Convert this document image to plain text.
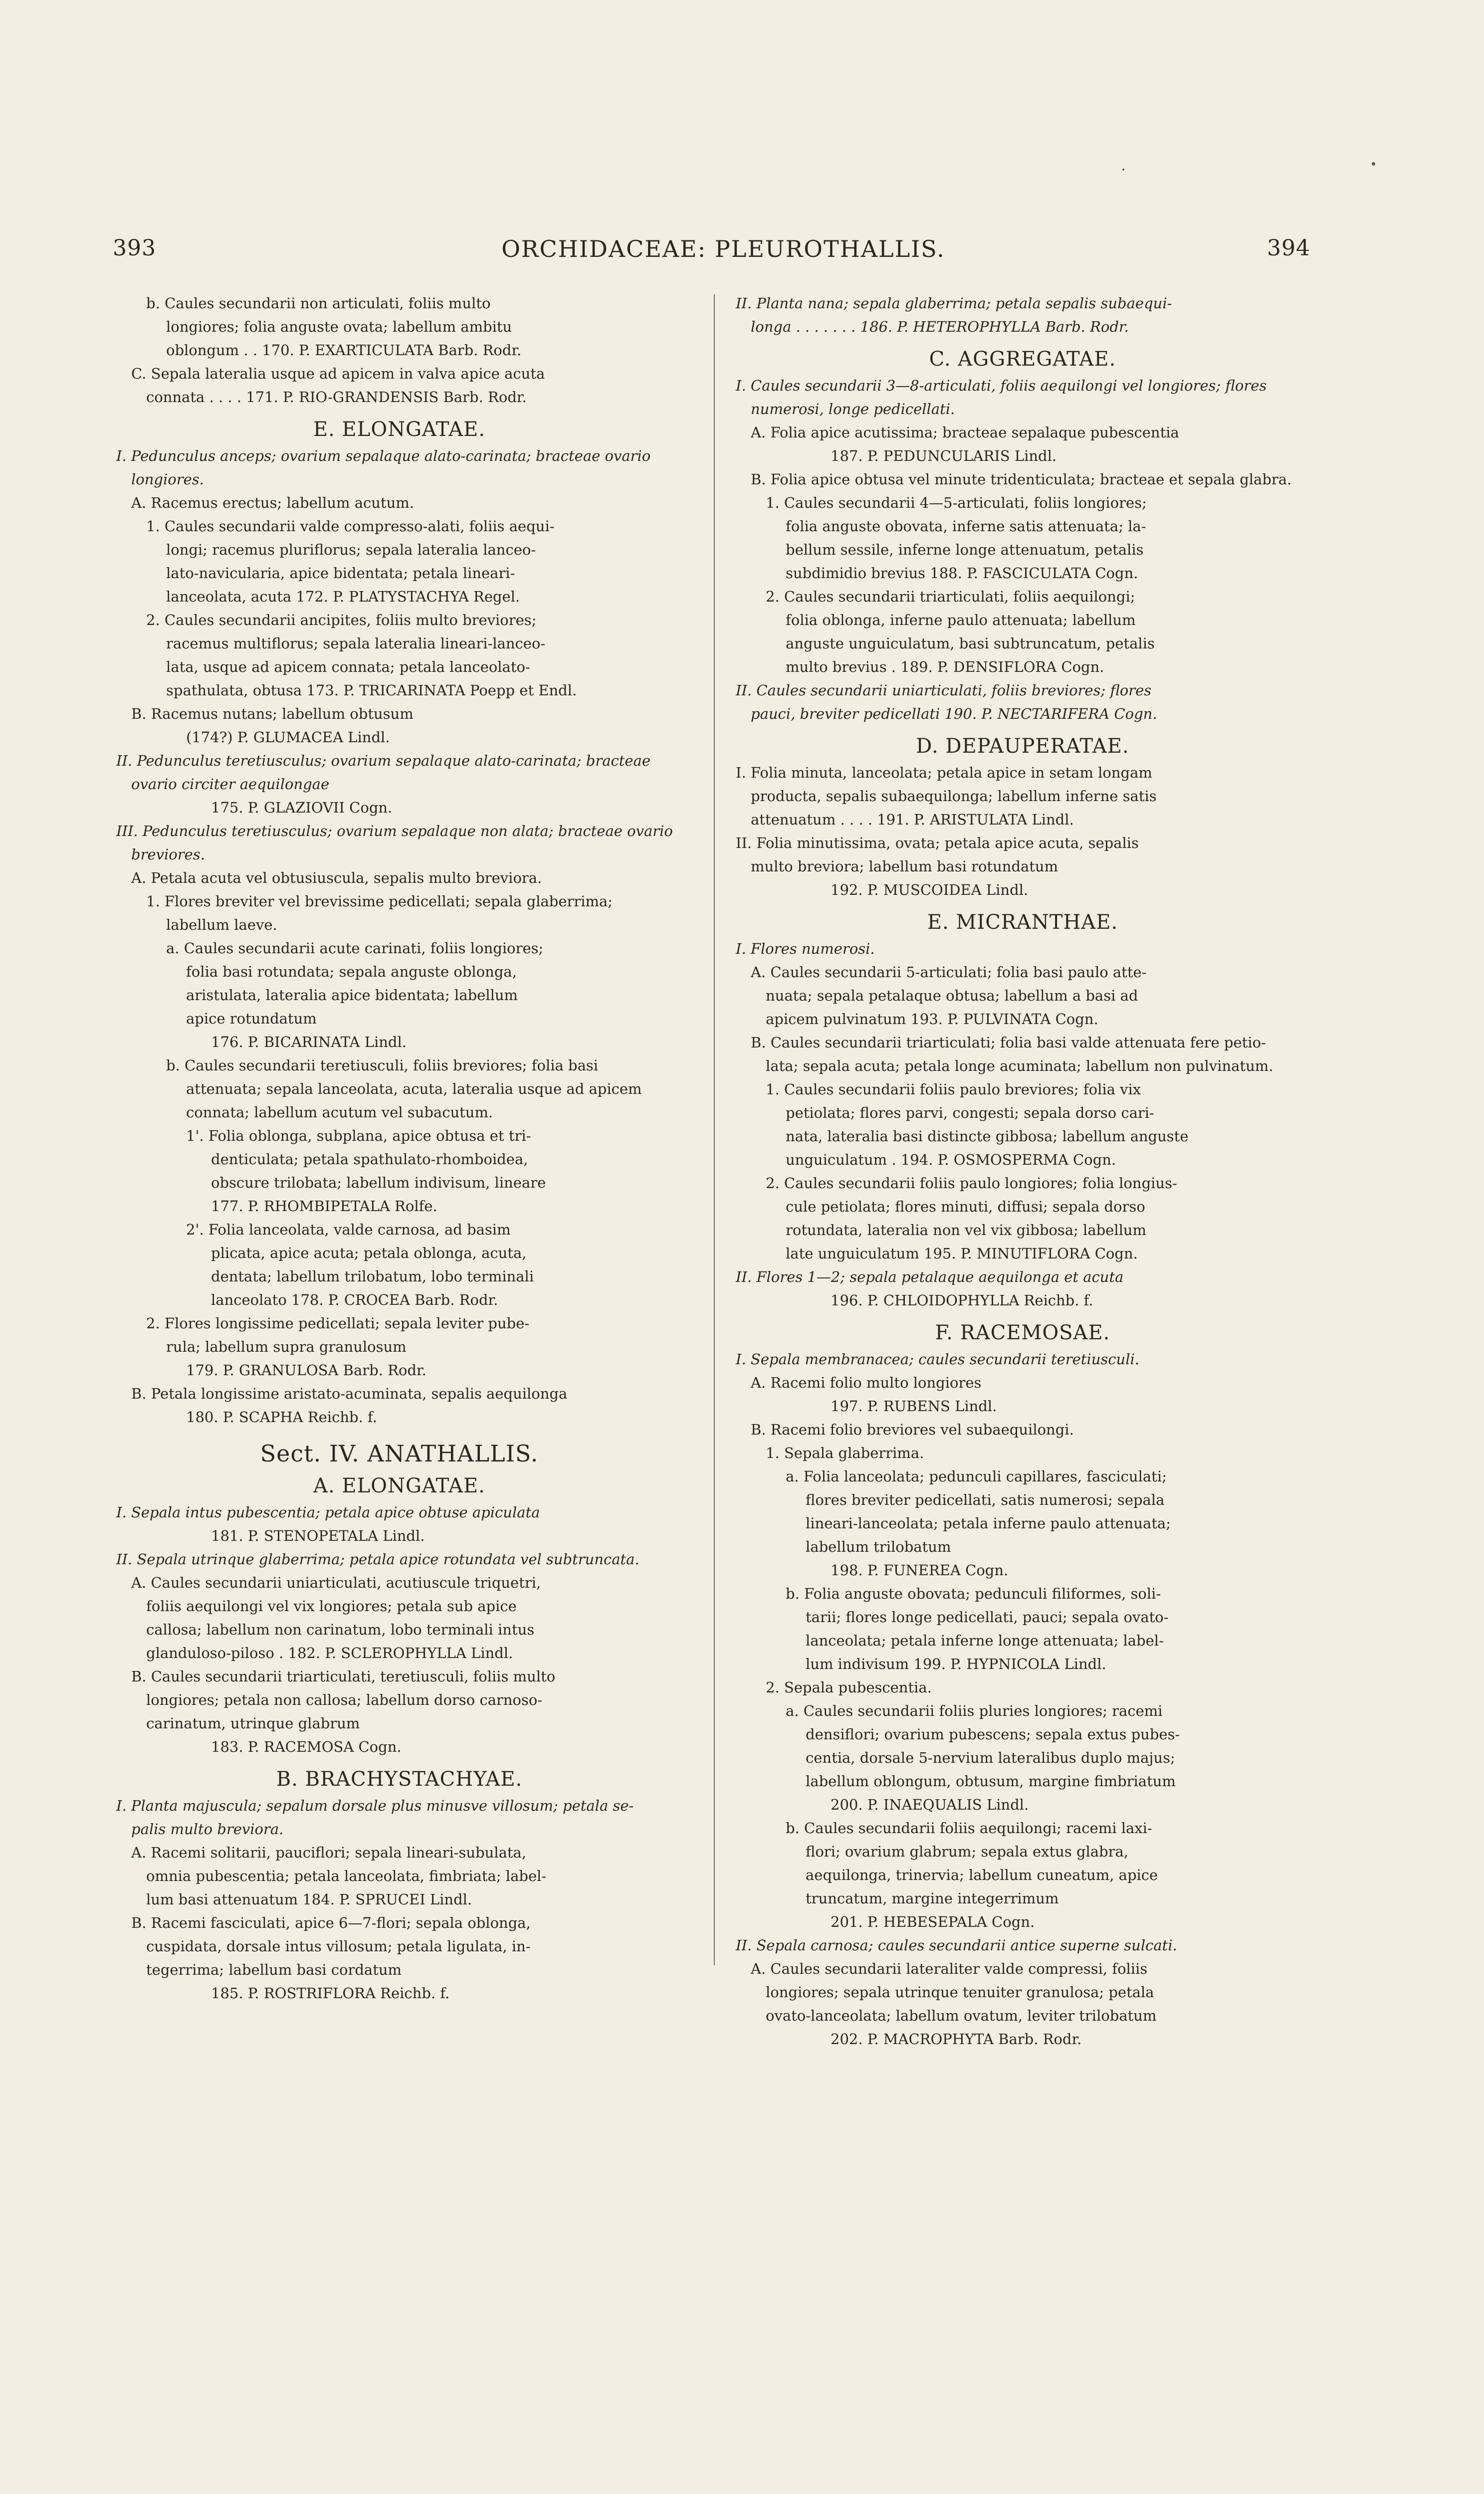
393	ORCHIDACEAE: PLEUROTHALLIS.	394
b. Caules secundarii non articulati, foliis multo
longiores; folia anguste ovata; labellum ambitu
oblongum . . 170. P. EXARTICULATA Barb. Rodr.
C. Sepala lateralia usque ad apicem in valva apice acuta
connata . . . . 171. P. RIO-GRANDENSIS Barb. Rodr.
E. ELONGATAE.
I. Pedunculus anceps; ovarium sepalaque alato-carinata; bracteae ovario
longiores.
A. Racemus erectus; labellum acutum.
1. Caules secundarii valde compresso-alati, foliis aequi-
longi; racemus pluriflorus; sepala lateralia lanceo-
lato-navicularia, apice bidentata; petala lineari-
lanceolata, acuta 172. P. PLATYSTACHYA Regel.
2. Caules secundarii ancipites, foliis multo breviores;
racemus multiflorus; sepala lateralia lineari-lanceo-
lata, usque ad apicem connata; petala lanceolato-
spathulata, obtusa 173. P. TRICARINATA Poepp et Endl.
B. Racemus nutans; labellum obtusum
(174?) P. GLUMACEA Lindl.
II. Pedunculus teretiusculus; ovarium sepalaque alato-carinata; bracteae
ovario circiter aequilongae
175. P. GLAZIOVII Cogn.
III. Pedunculus teretiusculus; ovarium sepalaque non alata; bracteae ovario
breviores.
A. Petala acuta vel obtusiuscula, sepalis multo breviora.
1. Flores breviter vel brevissime pedicellati; sepala glaberrima;
labellum laeve.
a. Caules secundarii acute carinati, foliis longiores;
folia basi rotundata; sepala anguste oblonga,
aristulata, lateralia apice bidentata; labellum
apice rotundatum
176. P. BICARINATA Lindl.
b. Caules secundarii teretiusculi, foliis breviores; folia basi
attenuata; sepala lanceolata, acuta, lateralia usque ad apicem
connata; labellum acutum vel subacutum.
1'. Folia oblonga, subplana, apice obtusa et tri-
denticulata; petala spathulato-rhomboidea,
obscure trilobata; labellum indivisum, lineare
177. P. RHOMBIPETALA Rolfe.
2'. Folia lanceolata, valde carnosa, ad basim
plicata, apice acuta; petala oblonga, acuta,
dentata; labellum trilobatum, lobo terminali
lanceolato 178. P. CROCEA Barb. Rodr.
2. Flores longissime pedicellati; sepala leviter pube-
rula; labellum supra granulosum
179. P. GRANULOSA Barb. Rodr.
B. Petala longissime aristato-acuminata, sepalis aequilonga
180. P. SCAPHA Reichb. f.
Sect. IV. ANATHALLIS.
A. ELONGATAE.
I. Sepala intus pubescentia; petala apice obtuse apiculata
181. P. STENOPETALA Lindl.
II. Sepala utrinque glaberrima; petala apice rotundata vel subtruncata.
A. Caules secundarii uniarticulati, acutiuscule triquetri,
foliis aequilongi vel vix longiores; petala sub apice
callosa; labellum non carinatum, lobo terminali intus
glanduloso-piloso . 182. P. SCLEROPHYLLA Lindl.
B. Caules secundarii triarticulati, teretiusculi, foliis multo
longiores; petala non callosa; labellum dorso carnoso-
carinatum, utrinque glabrum
183. P. RACEMOSA Cogn.
B. BRACHYSTACHYAE.
I. Planta majuscula; sepalum dorsale plus minusve villosum; petala se-
palis multo breviora.
A. Racemi solitarii, pauciflori; sepala lineari-subulata,
omnia pubescentia; petala lanceolata, fimbriata; label-
lum basi attenuatum 184. P. SPRUCEI Lindl.
B. Racemi fasciculati, apice 6—7-flori; sepala oblonga,
cuspidata, dorsale intus villosum; petala ligulata, in-
tegerrima; labellum basi cordatum
185. P. ROSTRIFLORA Reichb. f.
II. Planta nana; sepala glaberrima; petala sepalis subaequi-
longa . . . . . . . 186. P. HETEROPHYLLA Barb. Rodr.
C. AGGREGATAE.
I. Caules secundarii 3—8-articulati, foliis aequilongi vel longiores; flores
numerosi, longe pedicellati.
A. Folia apice acutissima; bracteae sepalaque pubescentia
187. P. PEDUNCULARIS Lindl.
B. Folia apice obtusa vel minute tridenticulata; bracteae et sepala glabra.
1. Caules secundarii 4—5-articulati, foliis longiores;
folia anguste obovata, inferne satis attenuata; la-
bellum sessile, inferne longe attenuatum, petalis
subdimidio brevius 188. P. FASCICULATA Cogn.
2. Caules secundarii triarticulati, foliis aequilongi;
folia oblonga, inferne paulo attenuata; labellum
anguste unguiculatum, basi subtruncatum, petalis
multo brevius . 189. P. DENSIFLORA Cogn.
II. Caules secundarii uniarticulati, foliis breviores; flores
pauci, breviter pedicellati 190. P. NECTARIFERA Cogn.
D. DEPAUPERATAE.
I. Folia minuta, lanceolata; petala apice in setam longam
producta, sepalis subaequilonga; labellum inferne satis
attenuatum . . . . 191. P. ARISTULATA Lindl.
II. Folia minutissima, ovata; petala apice acuta, sepalis
multo breviora; labellum basi rotundatum
192. P. MUSCOIDEA Lindl.
E. MICRANTHAE.
I. Flores numerosi.
A. Caules secundarii 5-articulati; folia basi paulo atte-
nuata; sepala petalaque obtusa; labellum a basi ad
apicem pulvinatum 193. P. PULVINATA Cogn.
B. Caules secundarii triarticulati; folia basi valde attenuata fere petio-
lata; sepala acuta; petala longe acuminata; labellum non pulvinatum.
1. Caules secundarii foliis paulo breviores; folia vix
petiolata; flores parvi, congesti; sepala dorso cari-
nata, lateralia basi distincte gibbosa; labellum anguste
unguiculatum . 194. P. OSMOSPERMA Cogn.
2. Caules secundarii foliis paulo longiores; folia longius-
cule petiolata; flores minuti, diffusi; sepala dorso
rotundata, lateralia non vel vix gibbosa; labellum
late unguiculatum 195. P. MINUTIFLORA Cogn.
II. Flores 1—2; sepala petalaque aequilonga et acuta
196. P. CHLOIDOPHYLLA Reichb. f.
F. RACEMOSAE.
I. Sepala membranacea; caules secundarii teretiusculi.
A. Racemi folio multo longiores
197. P. RUBENS Lindl.
B. Racemi folio breviores vel subaequilongi.
1. Sepala glaberrima.
a. Folia lanceolata; pedunculi capillares, fasciculati;
flores breviter pedicellati, satis numerosi; sepala
lineari-lanceolata; petala inferne paulo attenuata;
labellum trilobatum
198. P. FUNEREA Cogn.
b. Folia anguste obovata; pedunculi filiformes, soli-
tarii; flores longe pedicellati, pauci; sepala ovato-
lanceolata; petala inferne longe attenuata; label-
lum indivisum 199. P. HYPNICOLA Lindl.
2. Sepala pubescentia.
a. Caules secundarii foliis pluries longiores; racemi
densiflori; ovarium pubescens; sepala extus pubes-
centia, dorsale 5-nervium lateralibus duplo majus;
labellum oblongum, obtusum, margine fimbriatum
200. P. INAEQUALIS Lindl.
b. Caules secundarii foliis aequilongi; racemi laxi-
flori; ovarium glabrum; sepala extus glabra,
aequilonga, trinervia; labellum cuneatum, apice
truncatum, margine integerrimum
201. P. HEBESEPALA Cogn.
II. Sepala carnosa; caules secundarii antice superne sulcati.
A. Caules secundarii lateraliter valde compressi, foliis
longiores; sepala utrinque tenuiter granulosa; petala
ovato-lanceolata; labellum ovatum, leviter trilobatum
202. P. MACROPHYTA Barb. Rodr.
